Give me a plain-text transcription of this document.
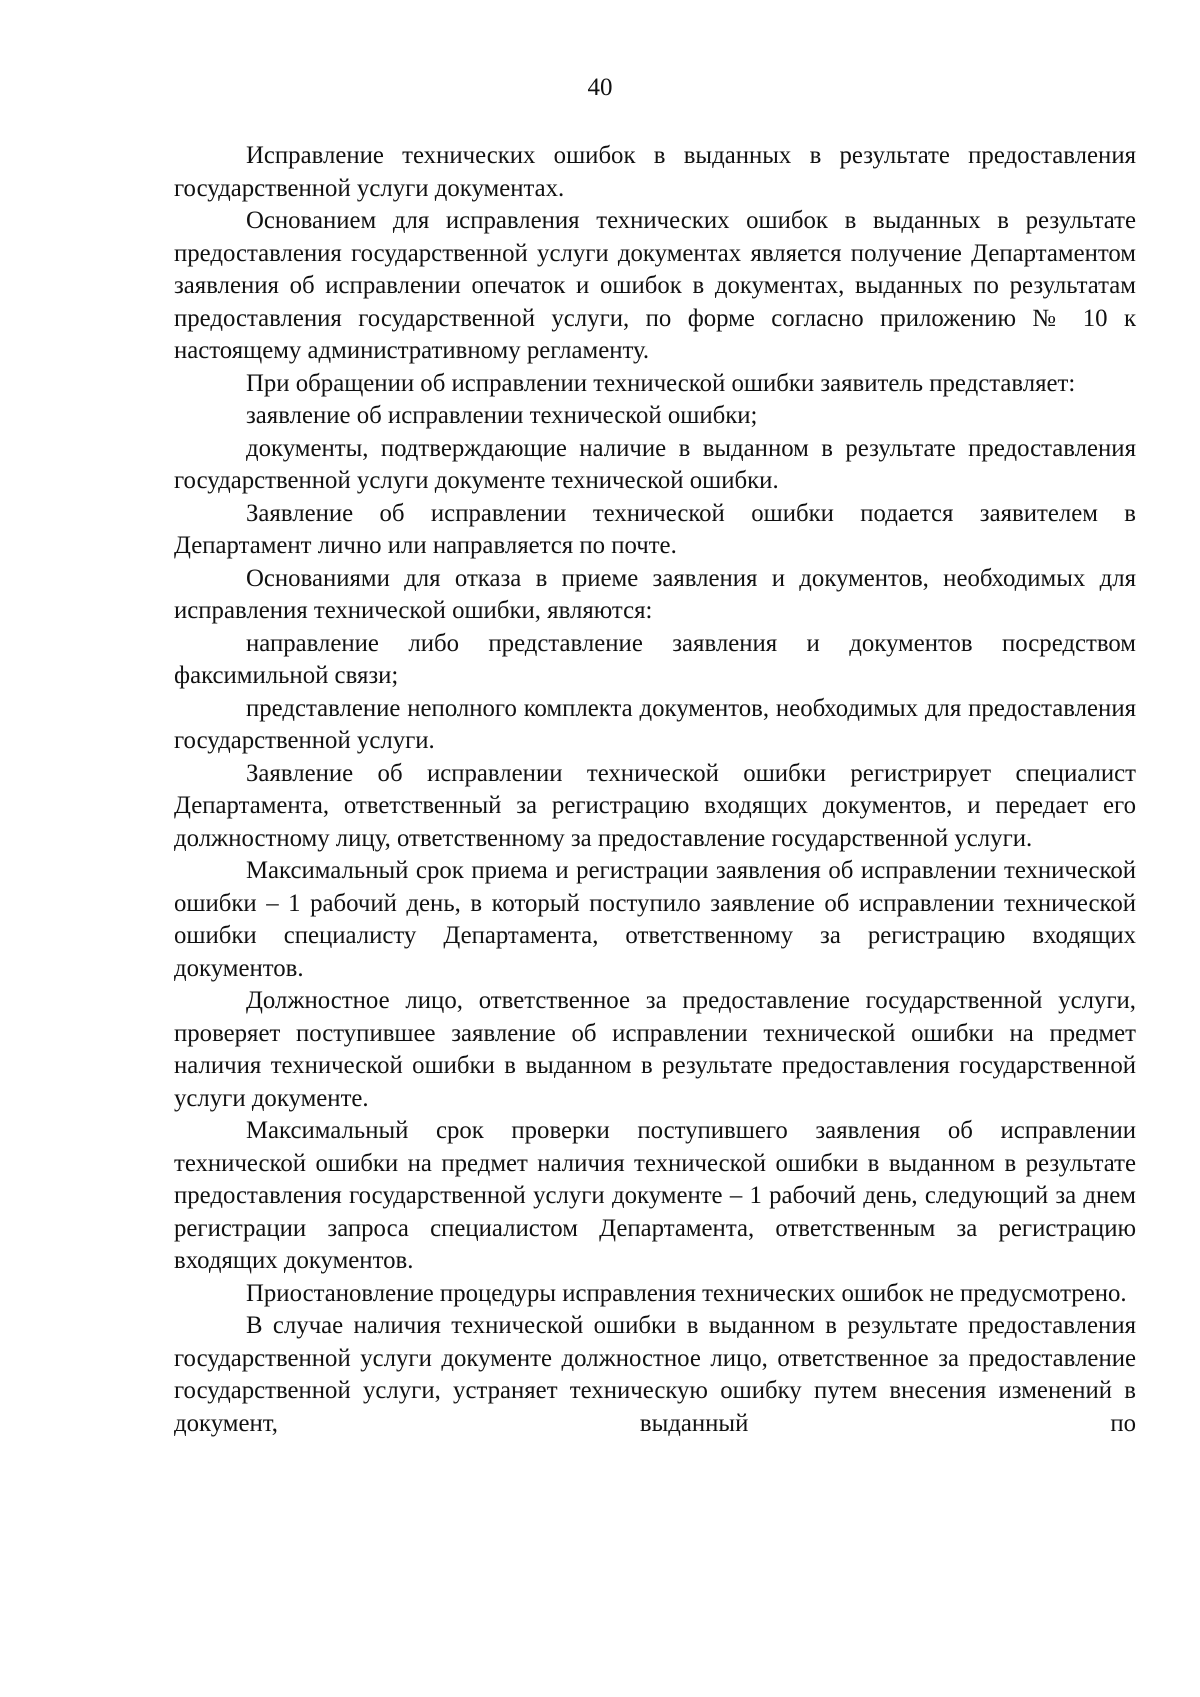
40

Исправление технических ошибок в выданных в результате предоставления государственной услуги документах.

Основанием для исправления технических ошибок в выданных в результате предоставления государственной услуги документах является получение Департаментом заявления об исправлении опечаток и ошибок в документах, выданных по результатам предоставления государственной услуги, по форме согласно приложению № 10 к настоящему административному регламенту.

При обращении об исправлении технической ошибки заявитель представляет:

заявление об исправлении технической ошибки;

документы, подтверждающие наличие в выданном в результате предоставления государственной услуги документе технической ошибки.

Заявление об исправлении технической ошибки подается заявителем в Департамент лично или направляется по почте.

Основаниями для отказа в приеме заявления и документов, необходимых для исправления технической ошибки, являются:

направление либо представление заявления и документов посредством факсимильной связи;

представление неполного комплекта документов, необходимых для предоставления государственной услуги.

Заявление об исправлении технической ошибки регистрирует специалист Департамента, ответственный за регистрацию входящих документов, и передает его должностному лицу, ответственному за предоставление государственной услуги.

Максимальный срок приема и регистрации заявления об исправлении технической ошибки – 1 рабочий день, в который поступило заявление об исправлении технической ошибки специалисту Департамента, ответственному за регистрацию входящих документов.

Должностное лицо, ответственное за предоставление государственной услуги, проверяет поступившее заявление об исправлении технической ошибки на предмет наличия технической ошибки в выданном в результате предоставления государственной услуги документе.

Максимальный срок проверки поступившего заявления об исправлении технической ошибки на предмет наличия технической ошибки в выданном в результате предоставления государственной услуги документе – 1 рабочий день, следующий за днем регистрации запроса специалистом Департамента, ответственным за регистрацию входящих документов.

Приостановление процедуры исправления технических ошибок не предусмотрено.

В случае наличия технической ошибки в выданном в результате предоставления государственной услуги документе должностное лицо, ответственное за предоставление государственной услуги, устраняет техническую ошибку путем внесения изменений в документ, выданный по
